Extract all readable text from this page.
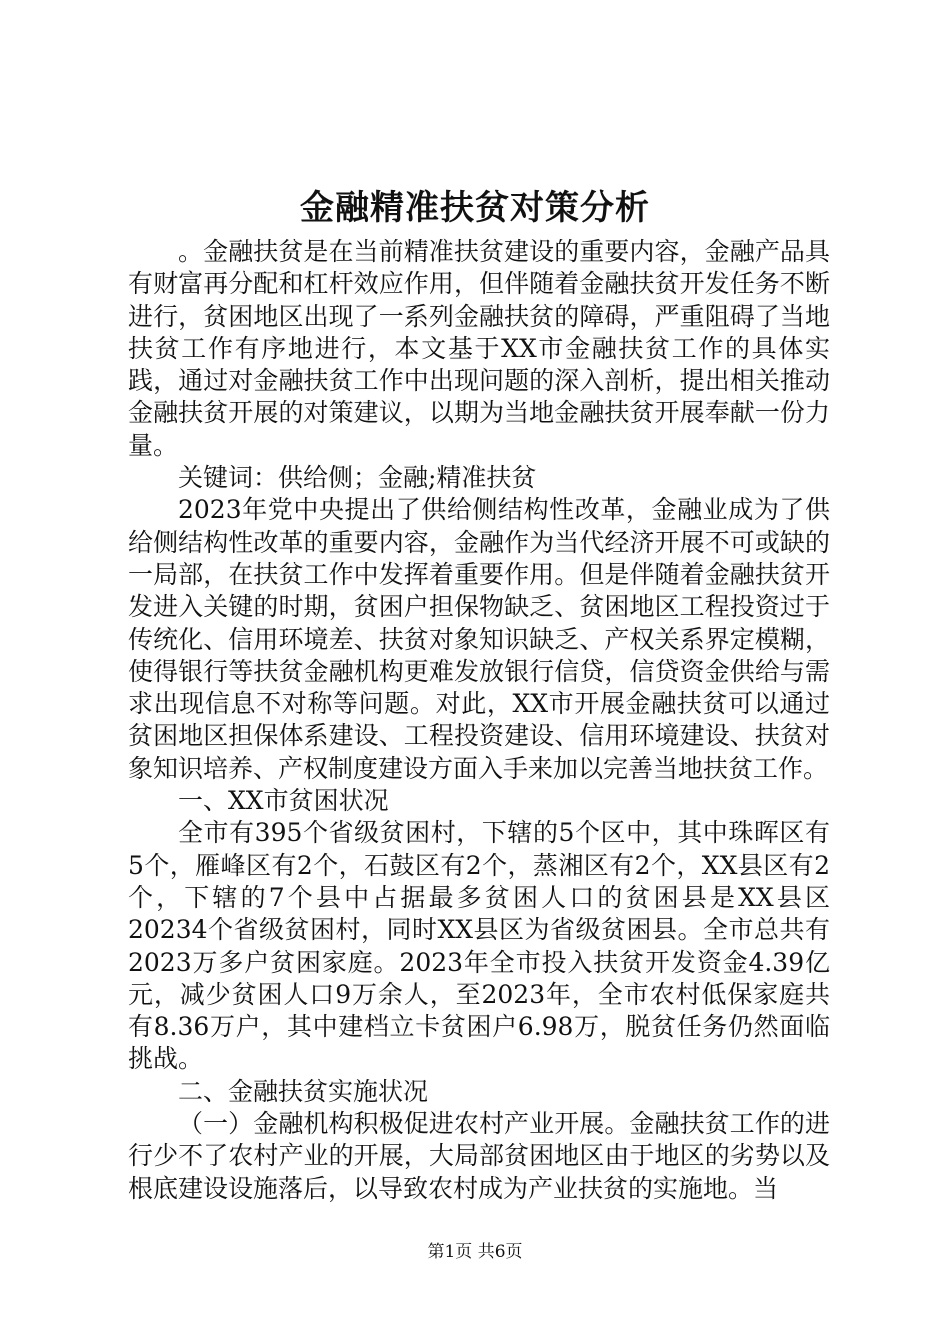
金融精准扶贫对策分析

。金融扶贫是在当前精准扶贫建设的重要内容，金融产品具有财富再分配和杠杆效应作用，但伴随着金融扶贫开发任务不断进行，贫困地区出现了一系列金融扶贫的障碍，严重阻碍了当地扶贫工作有序地进行，本文基于XX市金融扶贫工作的具体实践，通过对金融扶贫工作中出现问题的深入剖析，提出相关推动金融扶贫开展的对策建议，以期为当地金融扶贫开展奉献一份力量。

关键词：供给侧；金融;精准扶贫

2023年党中央提出了供给侧结构性改革，金融业成为了供给侧结构性改革的重要内容，金融作为当代经济开展不可或缺的一局部，在扶贫工作中发挥着重要作用。但是伴随着金融扶贫开发进入关键的时期，贫困户担保物缺乏、贫困地区工程投资过于传统化、信用环境差、扶贫对象知识缺乏、产权关系界定模糊，使得银行等扶贫金融机构更难发放银行信贷，信贷资金供给与需求出现信息不对称等问题。对此，XX市开展金融扶贫可以通过贫困地区担保体系建设、工程投资建设、信用环境建设、扶贫对象知识培养、产权制度建设方面入手来加以完善当地扶贫工作。

一、XX市贫困状况

全市有395个省级贫困村，下辖的5个区中，其中珠晖区有5个，雁峰区有2个，石鼓区有2个，蒸湘区有2个，XX县区有2个，下辖的7个县中占据最多贫困人口的贫困县是XX县区20234个省级贫困村，同时XX县区为省级贫困县。全市总共有2023万多户贫困家庭。2023年全市投入扶贫开发资金4.39亿元，减少贫困人口9万余人，至2023年，全市农村低保家庭共有8.36万户，其中建档立卡贫困户6.98万，脱贫任务仍然面临挑战。

二、金融扶贫实施状况

（一）金融机构积极促进农村产业开展。金融扶贫工作的进行少不了农村产业的开展，大局部贫困地区由于地区的劣势以及根底建设设施落后，以导致农村成为产业扶贫的实施地。当

第1页 共6页
